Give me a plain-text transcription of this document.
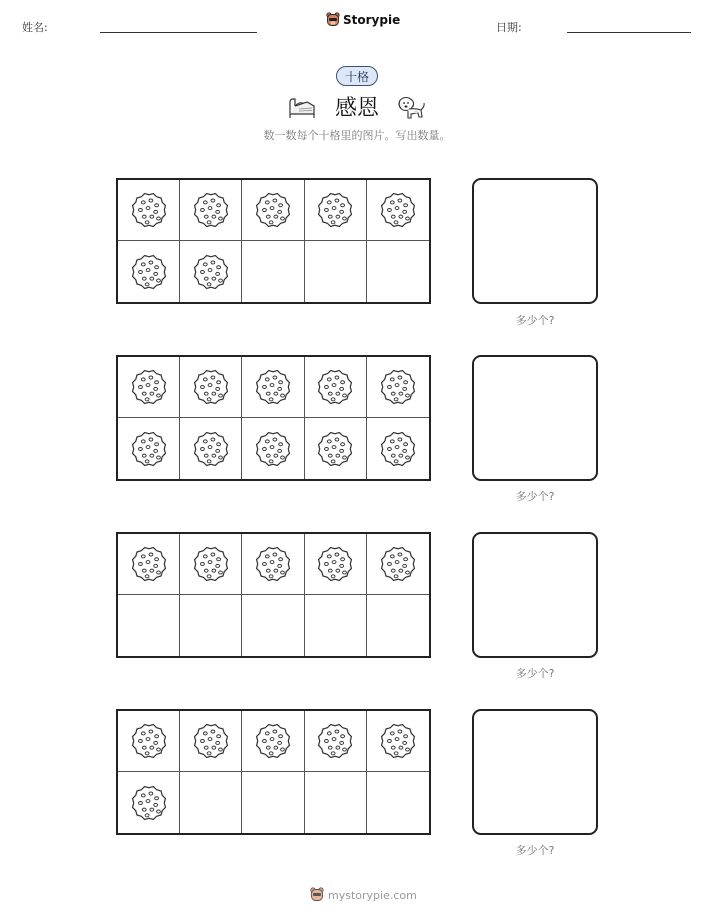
姓名:
Storypie
日期:
十格
感恩
数一数每个十格里的图片。写出数量。
多少个?
多少个?
多少个?
多少个?
mystorypie.com
